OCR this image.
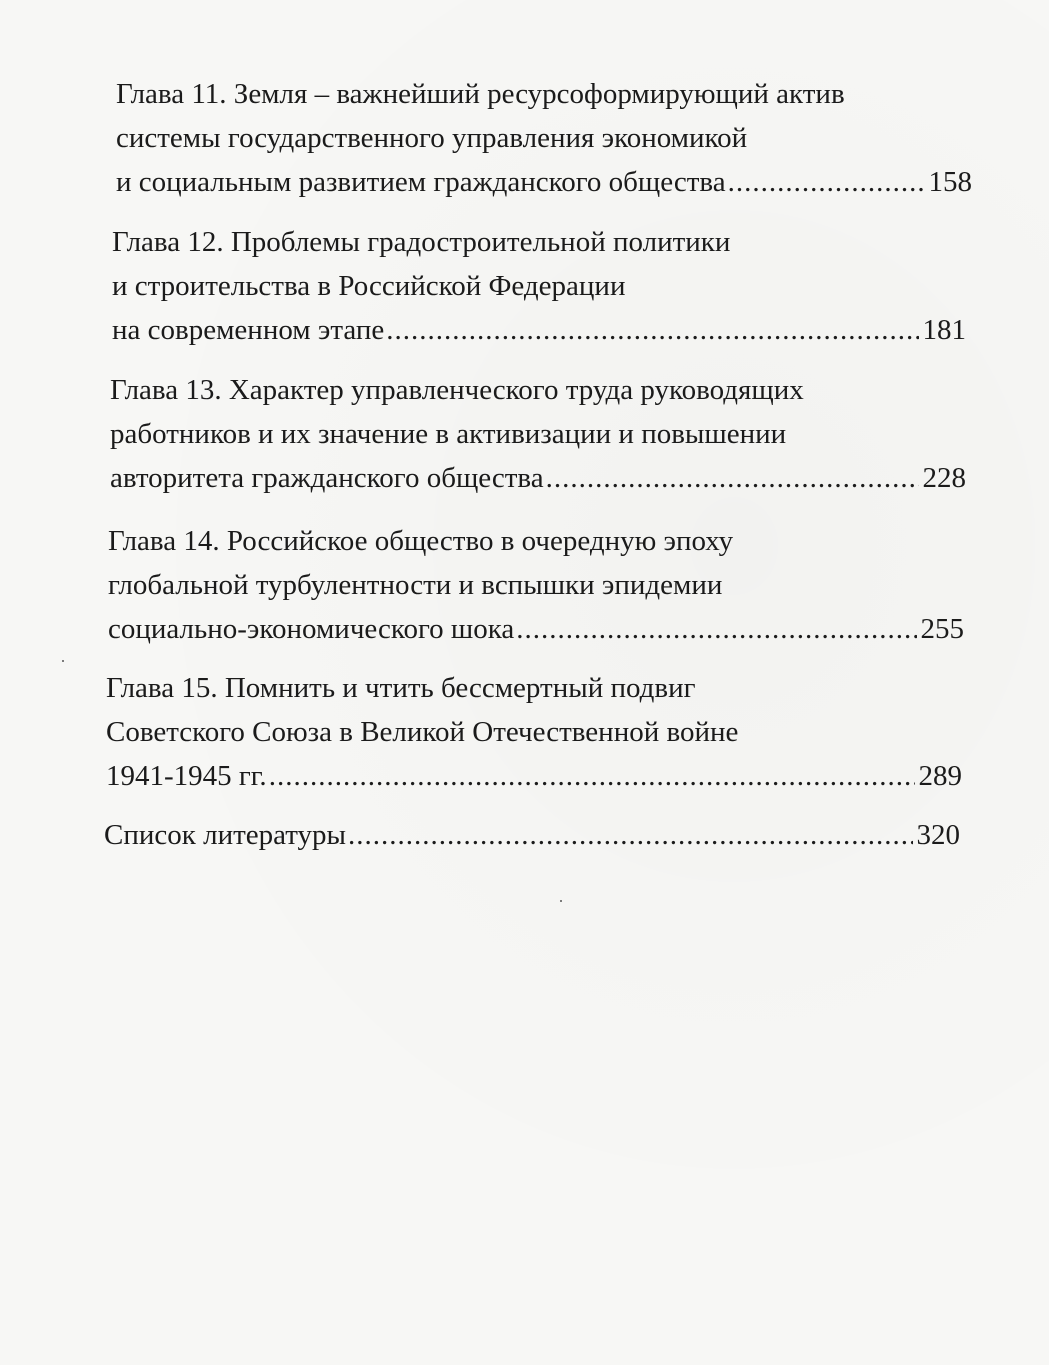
Глава 11. Земля – важнейший ресурсоформирующий актив
системы государственного управления экономикой
и социальным развитием гражданского общества .....	158
Глава 12. Проблемы градостроительной политики
и строительства в Российской Федерации
на современном этапе .....	181
Глава 13. Характер управленческого труда руководящих
работников и их значение в активизации и повышении
авторитета гражданского общества .....	228
Глава 14. Российское общество в очередную эпоху
глобальной турбулентности и вспышки эпидемии
социально-экономического шока .....	255
Глава 15. Помнить и чтить бессмертный подвиг
Советского Союза в Великой Отечественной войне
1941-1945 гг. .....	289
Список литературы .....	320
